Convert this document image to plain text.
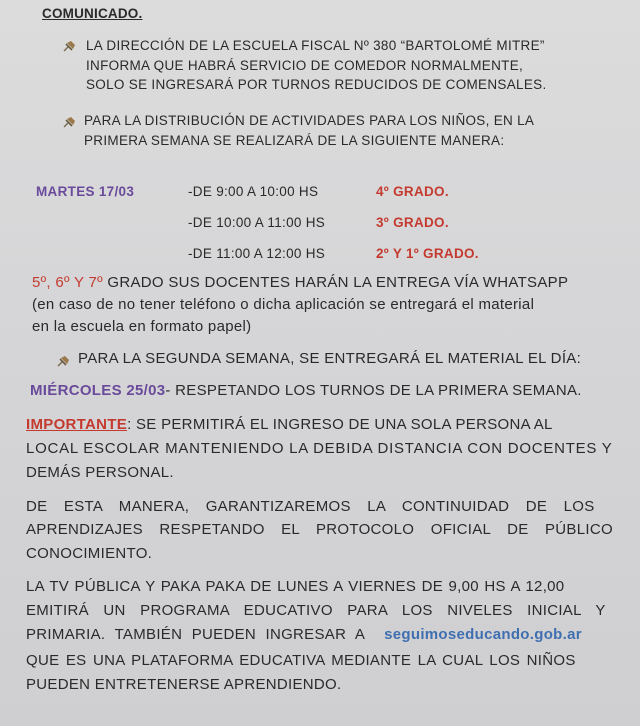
COMUNICADO.
LA DIRECCIÓN DE LA ESCUELA FISCAL Nº 380 “BARTOLOMÉ MITRE”
INFORMA QUE HABRÁ SERVICIO DE COMEDOR NORMALMENTE,
SOLO SE INGRESARÁ POR TURNOS REDUCIDOS DE COMENSALES.
PARA LA DISTRIBUCIÓN DE ACTIVIDADES PARA LOS NIÑOS, EN LA
PRIMERA SEMANA SE REALIZARÁ DE LA SIGUIENTE MANERA:
MARTES 17/03	-DE 9:00 A 10:00 HS	4º GRADO.
-DE 10:00 A 11:00 HS	3º GRADO.
-DE 11:00 A 12:00 HS	2º Y 1º GRADO.
5º, 6º Y 7º GRADO SUS DOCENTES HARÁN LA ENTREGA VÍA WHATSAPP
(en caso de no tener teléfono o dicha aplicación se entregará el material
en la escuela en formato papel)
PARA LA SEGUNDA SEMANA, SE ENTREGARÁ EL MATERIAL EL DÍA:
MIÉRCOLES 25/03- RESPETANDO LOS TURNOS DE LA PRIMERA SEMANA.
IMPORTANTE: SE PERMITIRÁ EL INGRESO DE UNA SOLA PERSONA AL
LOCAL ESCOLAR MANTENIENDO LA DEBIDA DISTANCIA CON DOCENTES Y
DEMÁS PERSONAL.
DE ESTA MANERA, GARANTIZAREMOS LA CONTINUIDAD DE LOS
APRENDIZAJES RESPETANDO EL PROTOCOLO OFICIAL DE PÚBLICO
CONOCIMIENTO.
LA TV PÚBLICA Y PAKA PAKA DE LUNES A VIERNES DE 9,00 HS A 12,00
EMITIRÁ UN PROGRAMA EDUCATIVO PARA LOS NIVELES INICIAL Y
PRIMARIA. TAMBIÉN PUEDEN INGRESAR A seguimoseducando.gob.ar
QUE ES UNA PLATAFORMA EDUCATIVA MEDIANTE LA CUAL LOS NIÑOS
PUEDEN ENTRETENERSE APRENDIENDO.
